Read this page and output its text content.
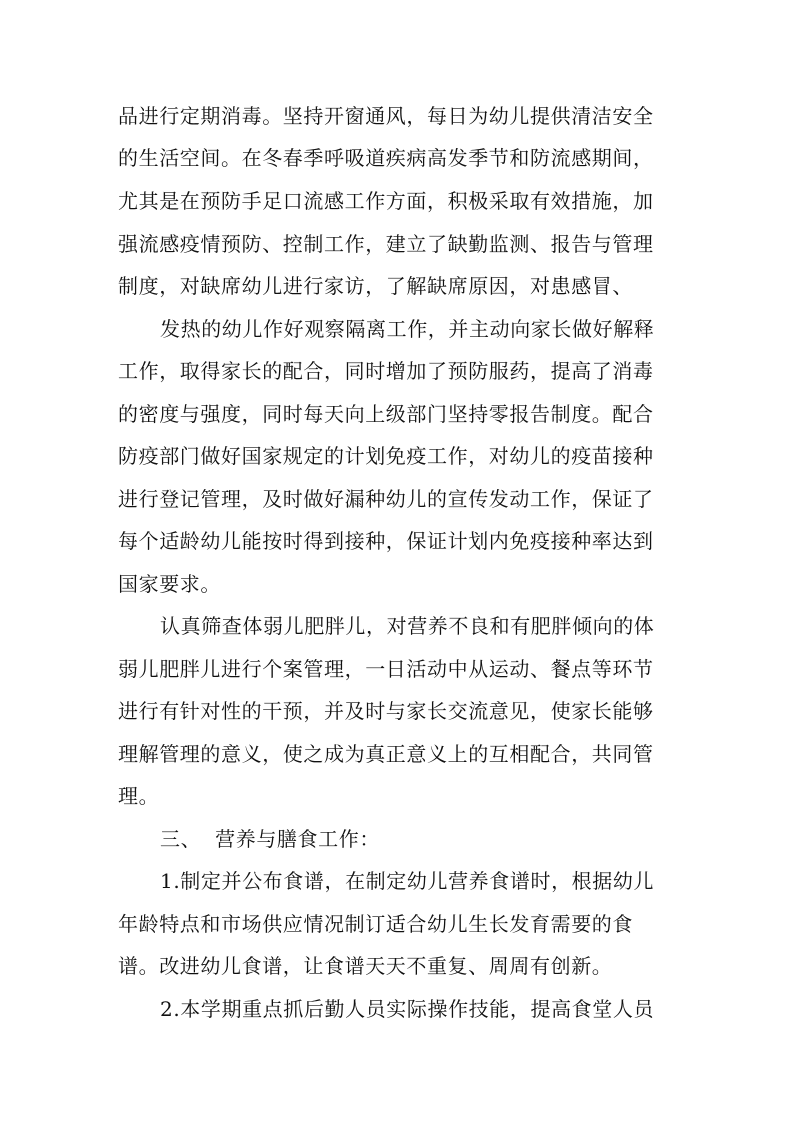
品进行定期消毒。坚持开窗通风，每日为幼儿提供清洁安全
的生活空间。在冬春季呼吸道疾病高发季节和防流感期间，
尤其是在预防手足口流感工作方面，积极采取有效措施，加
强流感疫情预防、控制工作，建立了缺勤监测、报告与管理
制度，对缺席幼儿进行家访，了解缺席原因，对患感冒、
发热的幼儿作好观察隔离工作，并主动向家长做好解释
工作，取得家长的配合，同时增加了预防服药，提高了消毒
的密度与强度，同时每天向上级部门坚持零报告制度。配合
防疫部门做好国家规定的计划免疫工作，对幼儿的疫苗接种
进行登记管理，及时做好漏种幼儿的宣传发动工作，保证了
每个适龄幼儿能按时得到接种，保证计划内免疫接种率达到
国家要求。
认真筛查体弱儿肥胖儿，对营养不良和有肥胖倾向的体
弱儿肥胖儿进行个案管理，一日活动中从运动、餐点等环节
进行有针对性的干预，并及时与家长交流意见，使家长能够
理解管理的意义，使之成为真正意义上的互相配合，共同管
理。
三、  营养与膳食工作：
1.制定并公布食谱，在制定幼儿营养食谱时，根据幼儿
年龄特点和市场供应情况制订适合幼儿生长发育需要的食
谱。改进幼儿食谱，让食谱天天不重复、周周有创新。
2.本学期重点抓后勤人员实际操作技能，提高食堂人员
